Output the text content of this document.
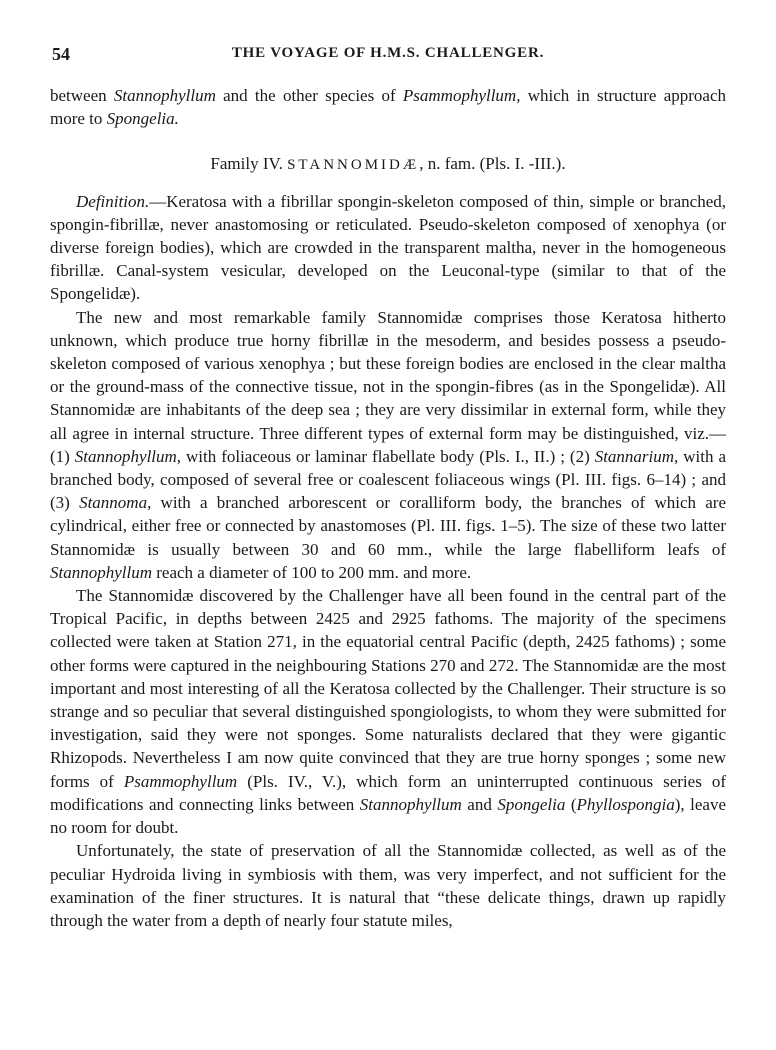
54	THE VOYAGE OF H.M.S. CHALLENGER.

between Stannophyllum and the other species of Psammophyllum, which in structure approach more to Spongelia.

Family IV. STANNOMIDÆ, n. fam. (Pls. I. -III.).

Definition.—Keratosa with a fibrillar spongin-skeleton composed of thin, simple or branched, spongin-fibrillæ, never anastomosing or reticulated. Pseudo-skeleton composed of xenophya (or diverse foreign bodies), which are crowded in the transparent maltha, never in the homogeneous fibrillæ. Canal-system vesicular, developed on the Leuconal-type (similar to that of the Spongelidæ).

The new and most remarkable family Stannomidæ comprises those Keratosa hitherto unknown, which produce true horny fibrillæ in the mesoderm, and besides possess a pseudo-skeleton composed of various xenophya ; but these foreign bodies are enclosed in the clear maltha or the ground-mass of the connective tissue, not in the spongin-fibres (as in the Spongelidæ). All Stannomidæ are inhabitants of the deep sea ; they are very dissimilar in external form, while they all agree in internal structure. Three different types of external form may be distinguished, viz.—(1) Stannophyllum, with foliaceous or laminar flabellate body (Pls. I., II.) ; (2) Stannarium, with a branched body, composed of several free or coalescent foliaceous wings (Pl. III. figs. 6–14) ; and (3) Stannoma, with a branched arborescent or coralliform body, the branches of which are cylindrical, either free or connected by anastomoses (Pl. III. figs. 1–5). The size of these two latter Stannomidæ is usually between 30 and 60 mm., while the large flabelliform leafs of Stannophyllum reach a diameter of 100 to 200 mm. and more.

The Stannomidæ discovered by the Challenger have all been found in the central part of the Tropical Pacific, in depths between 2425 and 2925 fathoms. The majority of the specimens collected were taken at Station 271, in the equatorial central Pacific (depth, 2425 fathoms) ; some other forms were captured in the neighbouring Stations 270 and 272. The Stannomidæ are the most important and most interesting of all the Keratosa collected by the Challenger. Their structure is so strange and so peculiar that several distinguished spongiologists, to whom they were submitted for investigation, said they were not sponges. Some naturalists declared that they were gigantic Rhizopods. Nevertheless I am now quite convinced that they are true horny sponges ; some new forms of Psammophyllum (Pls. IV., V.), which form an uninterrupted continuous series of modifications and connecting links between Stannophyllum and Spongelia (Phyllospongia), leave no room for doubt.

Unfortunately, the state of preservation of all the Stannomidæ collected, as well as of the peculiar Hydroida living in symbiosis with them, was very imperfect, and not sufficient for the examination of the finer structures. It is natural that “these delicate things, drawn up rapidly through the water from a depth of nearly four statute miles,
